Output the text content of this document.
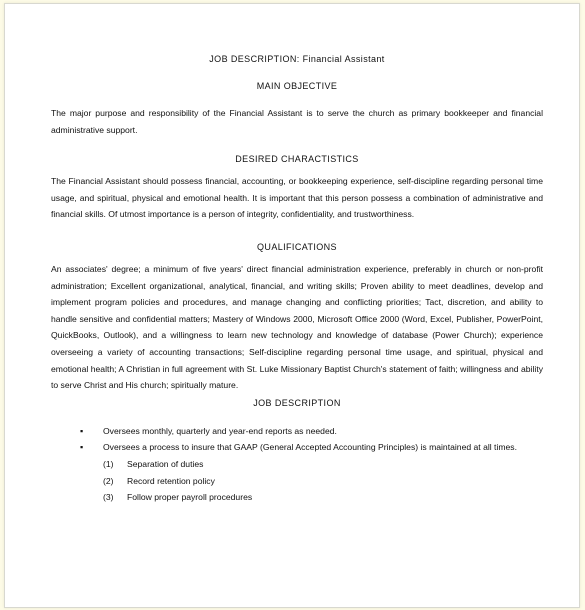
JOB DESCRIPTION: Financial Assistant
MAIN OBJECTIVE

The major purpose and responsibility of the Financial Assistant is to serve the church as primary bookkeeper and financial administrative support.

DESIRED CHARACTISTICS

The Financial Assistant should possess financial, accounting, or bookkeeping experience, self-discipline regarding personal time usage, and spiritual, physical and emotional health. It is important that this person possess a combination of administrative and financial skills. Of utmost importance is a person of integrity, confidentiality, and trustworthiness.

QUALIFICATIONS

An associates' degree; a minimum of five years' direct financial administration experience, preferably in church or non-profit administration; Excellent organizational, analytical, financial, and writing skills; Proven ability to meet deadlines, develop and implement program policies and procedures, and manage changing and conflicting priorities; Tact, discretion, and ability to handle sensitive and confidential matters; Mastery of Windows 2000, Microsoft Office 2000 (Word, Excel, Publisher, PowerPoint, QuickBooks, Outlook), and a willingness to learn new technology and knowledge of database (Power Church); experience overseeing a variety of accounting transactions; Self-discipline regarding personal time usage, and spiritual, physical and emotional health; A Christian in full agreement with St. Luke Missionary Baptist Church's statement of faith; willingness and ability to serve Christ and His church; spiritually mature.

JOB DESCRIPTION
▪ Oversees monthly, quarterly and year-end reports as needed.
▪ Oversees a process to insure that GAAP (General Accepted Accounting Principles) is maintained at all times.
(1) Separation of duties
(2) Record retention policy
(3) Follow proper payroll procedures
